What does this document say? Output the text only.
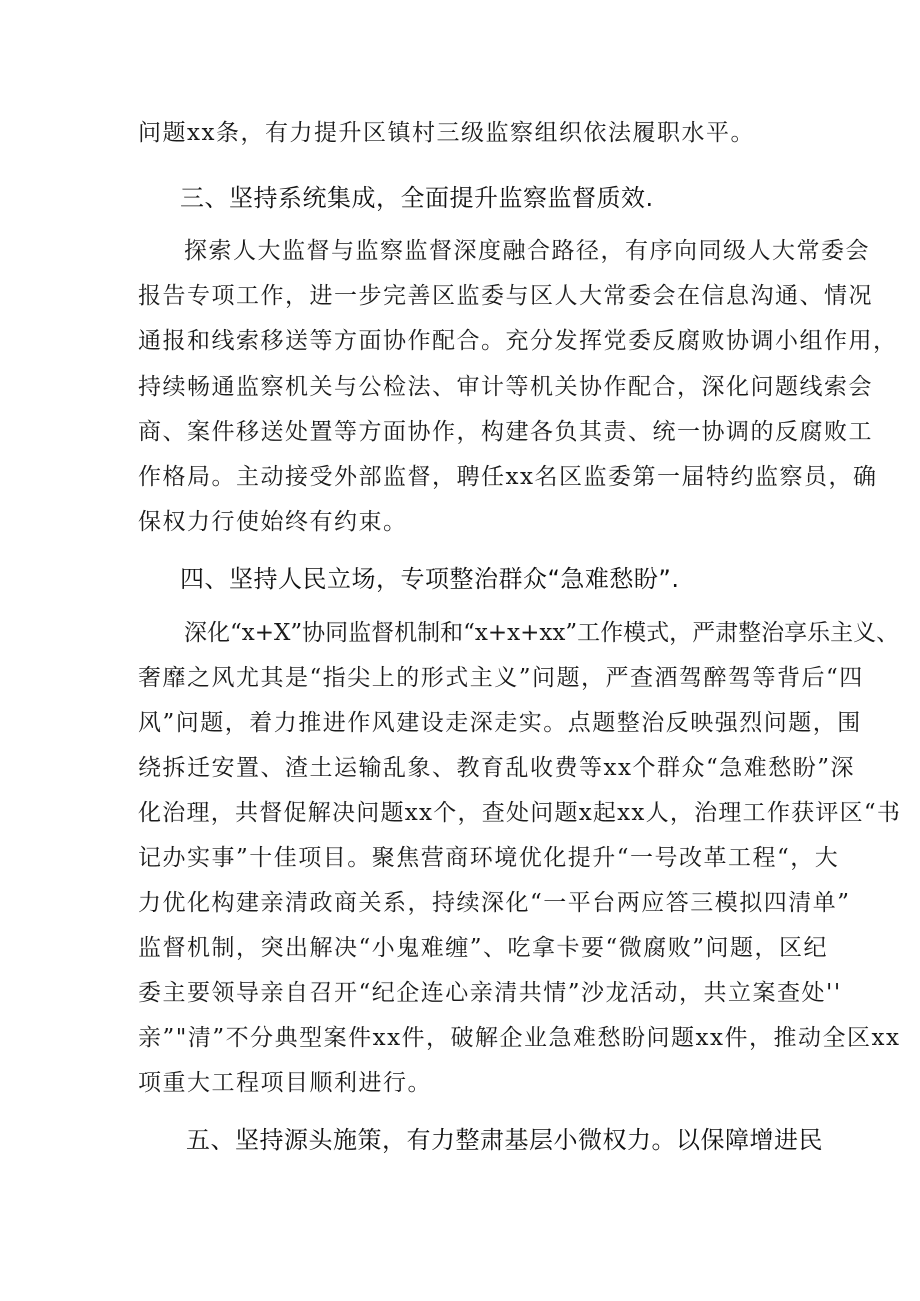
问题xx条，有力提升区镇村三级监察组织依法履职水平。
三、坚持系统集成，全面提升监察监督质效.
探索人大监督与监察监督深度融合路径，有序向同级人大常委会
报告专项工作，进一步完善区监委与区人大常委会在信息沟通、情况
通报和线索移送等方面协作配合。充分发挥党委反腐败协调小组作用，
持续畅通监察机关与公检法、审计等机关协作配合，深化问题线索会
商、案件移送处置等方面协作，构建各负其责、统一协调的反腐败工
作格局。主动接受外部监督，聘任xx名区监委第一届特约监察员，确
保权力行使始终有约束。
四、坚持人民立场，专项整治群众“急难愁盼”.
深化“x+X”协同监督机制和“x+x+xx”工作模式，严肃整治享乐主义、
奢靡之风尤其是“指尖上的形式主义”问题，严查酒驾醉驾等背后“四
风”问题，着力推进作风建设走深走实。点题整治反映强烈问题，围
绕拆迁安置、渣土运输乱象、教育乱收费等xx个群众“急难愁盼”深
化治理，共督促解决问题xx个，查处问题x起xx人，治理工作获评区“书
记办实事”十佳项目。聚焦营商环境优化提升“一号改革工程“，大
力优化构建亲清政商关系，持续深化“一平台两应答三模拟四清单”
监督机制，突出解决“小鬼难缠”、吃拿卡要“微腐败”问题，区纪
委主要领导亲自召开“纪企连心亲清共情”沙龙活动，共立案查处''
亲”"清”不分典型案件xx件，破解企业急难愁盼问题xx件，推动全区xx
项重大工程项目顺利进行。
五、坚持源头施策，有力整肃基层小微权力。以保障增进民
